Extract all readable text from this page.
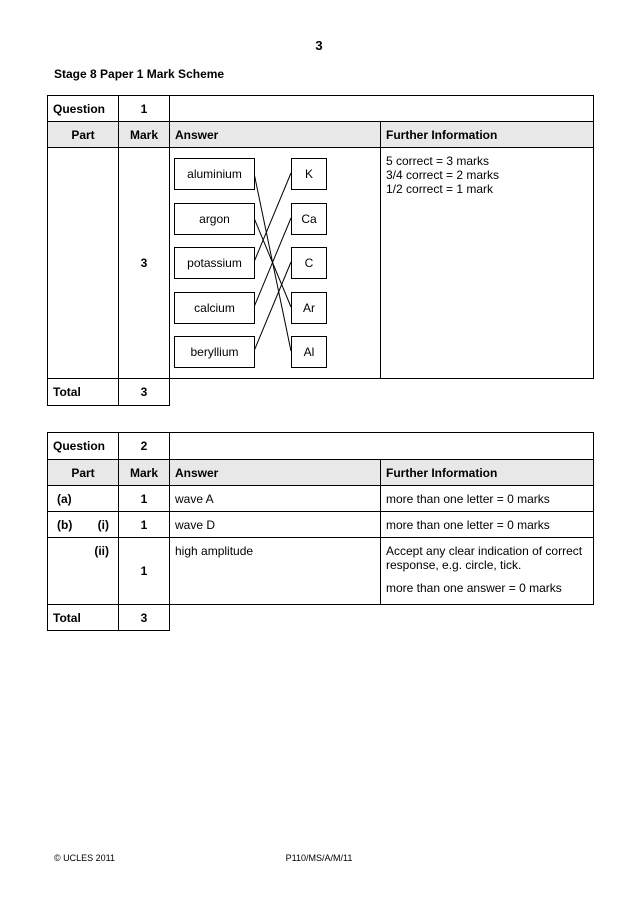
3
Stage 8 Paper 1 Mark Scheme
Question	1		
Part	Mark	Answer	Further Information
	3		5 correct = 3 marks
3/4 correct = 2 marks
1/2 correct = 1 mark

Total	3		
aluminium
argon
potassium
calcium
beryllium
K
Ca
C
Ar
Al
Question	2		
Part	Mark	Answer	Further Information
(a)	1	wave A	more than one letter = 0 marks

(b) (i)	1	wave D	more than one letter = 0 marks
(ii)	1	high amplitude	Accept any clear indication of correct response, e.g. circle, tick.
more than one answer = 0 marks

Total	3		
© UCLES 2011	P110/MS/A/M/11
